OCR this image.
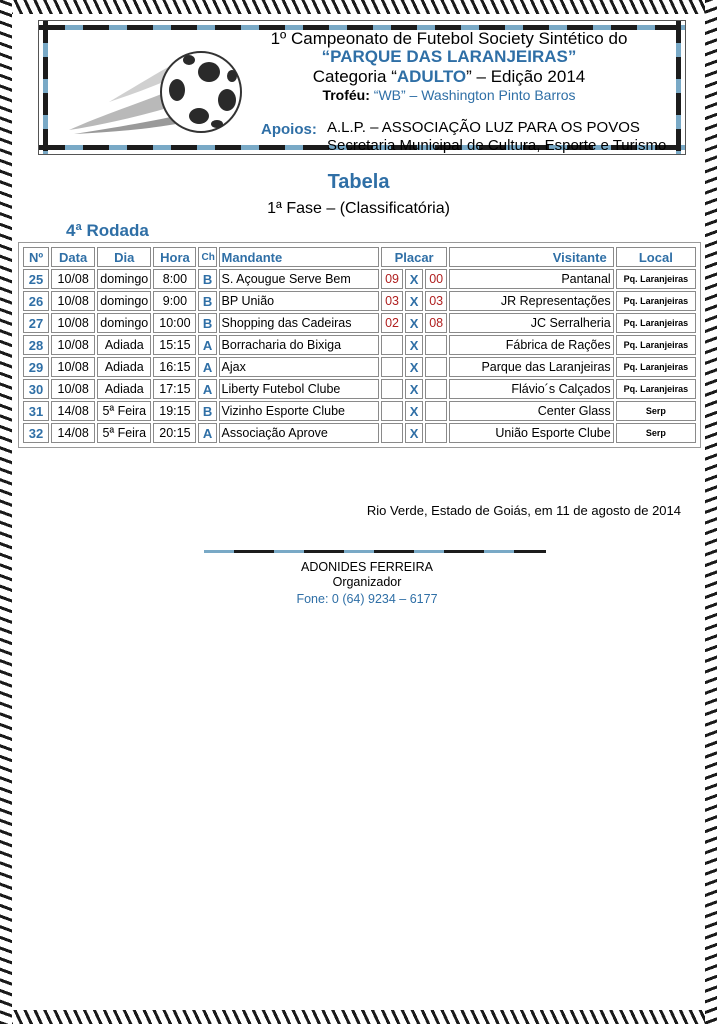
1º Campeonato de Futebol Society Sintético do
“PARQUE DAS LARANJEIRAS”
Categoria “ADULTO” – Edição 2014
Troféu: “WB” – Washington Pinto Barros
Apoios: A.L.P. – ASSOCIAÇÃO LUZ PARA OS POVOS
Secretaria Municipal de Cultura, Esporte e Turismo
Tabela
1ª Fase – (Classificatória)
4ª Rodada
Nº	Data	Dia	Hora	Ch	Mandante	Placar			Visitante	Local
25	10/08	domingo	8:00	B	S. Açougue Serve Bem	09	X	00	Pantanal	Pq. Laranjeiras
26	10/08	domingo	9:00	B	BP União	03	X	03	JR Representações	Pq. Laranjeiras
27	10/08	domingo	10:00	B	Shopping das Cadeiras	02	X	08	JC Serralheria	Pq. Laranjeiras
28	10/08	Adiada	15:15	A	Borracharia do Bixiga		X		Fábrica de Rações	Pq. Laranjeiras
29	10/08	Adiada	16:15	A	Ajax		X		Parque das Laranjeiras	Pq. Laranjeiras
30	10/08	Adiada	17:15	A	Liberty Futebol Clube		X		Flávio´s Calçados	Pq. Laranjeiras
31	14/08	5ª Feira	19:15	B	Vizinho Esporte Clube		X		Center Glass	Serp
32	14/08	5ª Feira	20:15	A	Associação Aprove		X		União Esporte Clube	Serp
Rio Verde, Estado de Goiás, em 11 de agosto de 2014
ADONIDES FERREIRA
Organizador
Fone: 0 (64) 9234 – 6177
